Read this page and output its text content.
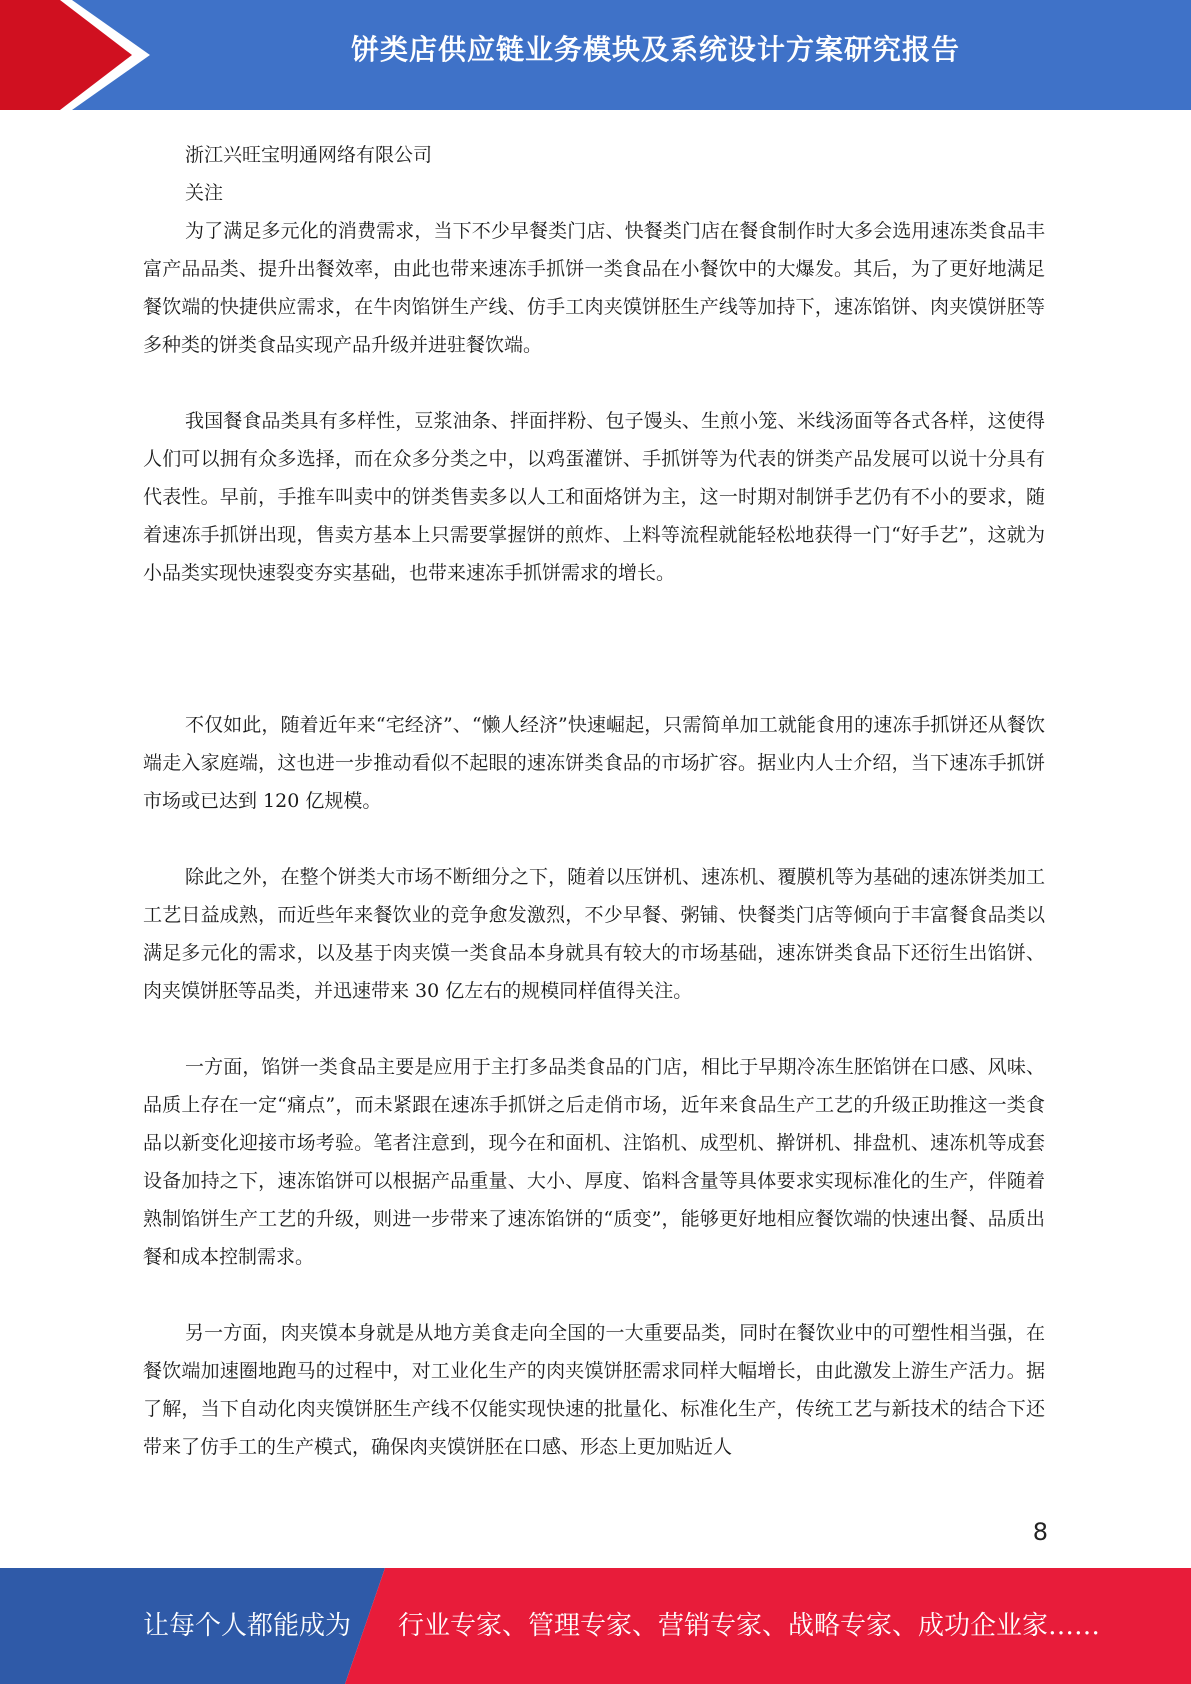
饼类店供应链业务模块及系统设计方案研究报告
浙江兴旺宝明通网络有限公司
关注

为了满足多元化的消费需求，当下不少早餐类门店、快餐类门店在餐食制作时大多会选用速冻类食品丰富产品品类、提升出餐效率，由此也带来速冻手抓饼一类食品在小餐饮中的大爆发。其后，为了更好地满足餐饮端的快捷供应需求，在牛肉馅饼生产线、仿手工肉夹馍饼胚生产线等加持下，速冻馅饼、肉夹馍饼胚等多种类的饼类食品实现产品升级并进驻餐饮端。

我国餐食品类具有多样性，豆浆油条、拌面拌粉、包子馒头、生煎小笼、米线汤面等各式各样，这使得人们可以拥有众多选择，而在众多分类之中，以鸡蛋灌饼、手抓饼等为代表的饼类产品发展可以说十分具有代表性。早前，手推车叫卖中的饼类售卖多以人工和面烙饼为主，这一时期对制饼手艺仍有不小的要求，随着速冻手抓饼出现，售卖方基本上只需要掌握饼的煎炸、上料等流程就能轻松地获得一门“好手艺”，这就为小品类实现快速裂变夯实基础，也带来速冻手抓饼需求的增长。

不仅如此，随着近年来“宅经济”、“懒人经济”快速崛起，只需简单加工就能食用的速冻手抓饼还从餐饮端走入家庭端，这也进一步推动看似不起眼的速冻饼类食品的市场扩容。据业内人士介绍，当下速冻手抓饼市场或已达到 120 亿规模。

除此之外，在整个饼类大市场不断细分之下，随着以压饼机、速冻机、覆膜机等为基础的速冻饼类加工工艺日益成熟，而近些年来餐饮业的竞争愈发激烈，不少早餐、粥铺、快餐类门店等倾向于丰富餐食品类以满足多元化的需求，以及基于肉夹馍一类食品本身就具有较大的市场基础，速冻饼类食品下还衍生出馅饼、肉夹馍饼胚等品类，并迅速带来 30 亿左右的规模同样值得关注。

一方面，馅饼一类食品主要是应用于主打多品类食品的门店，相比于早期冷冻生胚馅饼在口感、风味、品质上存在一定“痛点”，而未紧跟在速冻手抓饼之后走俏市场，近年来食品生产工艺的升级正助推这一类食品以新变化迎接市场考验。笔者注意到，现今在和面机、注馅机、成型机、擀饼机、排盘机、速冻机等成套设备加持之下，速冻馅饼可以根据产品重量、大小、厚度、馅料含量等具体要求实现标准化的生产，伴随着熟制馅饼生产工艺的升级，则进一步带来了速冻馅饼的“质变”，能够更好地相应餐饮端的快速出餐、品质出餐和成本控制需求。

另一方面，肉夹馍本身就是从地方美食走向全国的一大重要品类，同时在餐饮业中的可塑性相当强，在餐饮端加速圈地跑马的过程中，对工业化生产的肉夹馍饼胚需求同样大幅增长，由此激发上游生产活力。据了解，当下自动化肉夹馍饼胚生产线不仅能实现快速的批量化、标准化生产，传统工艺与新技术的结合下还带来了仿手工的生产模式，确保肉夹馍饼胚在口感、形态上更加贴近人

8
让每个人都能成为 行业专家、管理专家、营销专家、战略专家、成功企业家……
